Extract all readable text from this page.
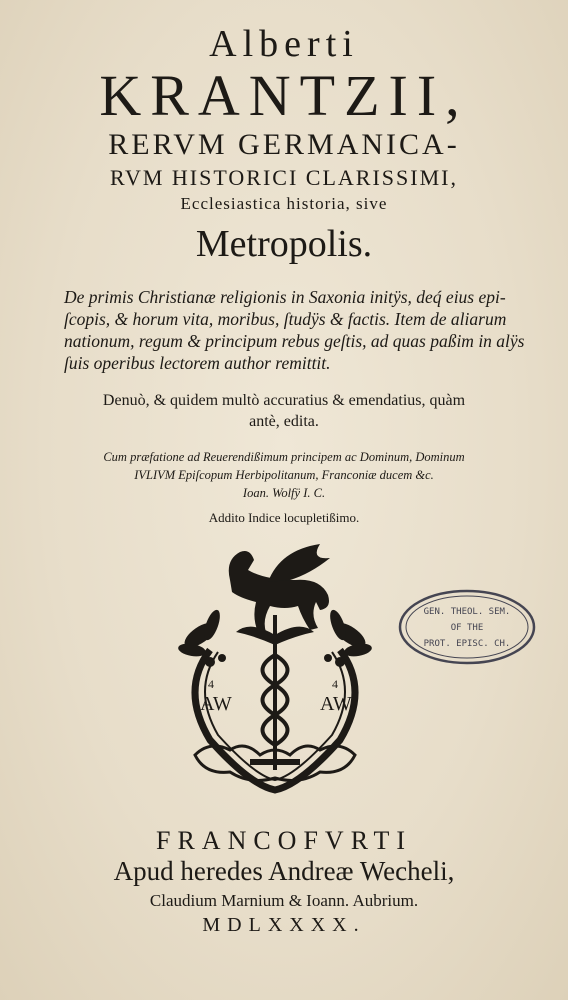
Alberti
KRANTZII,
RERVM GERMANICA-
RVM HISTORICI CLARISSIMI,
Ecclesiastica historia, sive
Metropolis.
De primis Christianæ religionis in Saxonia initÿs, deq́ eius epi-
ſcopis, & horum vita, moribus, ſtudÿs & factis. Item de aliarum
nationum, regum & principum rebus geſtis, ad quas paßim in alÿs
ſuis operibus lectorem author remittit.
Denuò, & quidem multò accuratius & emendatius, quàm
antè, edita.
Cum præfatione ad Reuerendißimum principem ac Dominum, Dominum
IVLIVM Epiſcopum Herbipolitanum, Franconiæ ducem &c.
Ioan. Wolfÿ I. C.
Addito Indice locupletißimo.
4	4
AW	AW
GEN. THEOL. SEM.
OF THE
PROT. EPISC. CH.
FRANCOFVRTI
Apud heredes Andreæ Wecheli,
Claudium Marnium & Ioann. Aubrium.
MDLXXXX.
